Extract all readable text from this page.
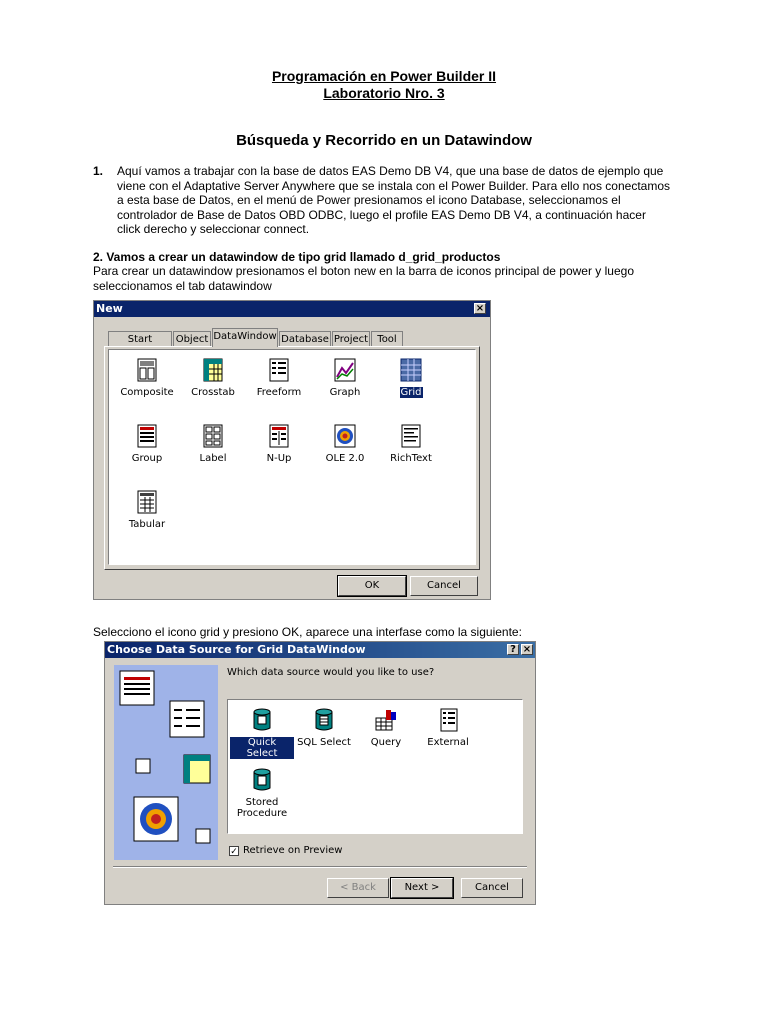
Programación en Power Builder II
Laboratorio Nro. 3
Búsqueda y Recorrido en un Datawindow
1. Aquí vamos a trabajar con la base de datos EAS Demo DB V4, que una base de datos de ejemplo que
viene con el Adaptative Server Anywhere que se instala con el Power Builder. Para ello nos conectamos
a esta base de Datos, en el menú de Power presionamos el icono Database, seleccionamos el
controlador de Base de Datos OBD ODBC, luego el profile EAS Demo DB V4, a continuación hacer
click derecho y seleccionar connect.
2. Vamos a crear un datawindow de tipo grid llamado d_grid_productos
Para crear un datawindow presionamos el boton new en la barra de iconos principal de power y luego
seleccionamos el tab datawindow
New	×
Start	Object DataWindow Database Project Tool
Composite	Crosstab	Freeform	Graph	Grid
Group	Label	N-Up	OLE 2.0	RichText
Tabular
OK	Cancel
Selecciono el icono grid y presiono OK, aparece una interfase como la siguiente:
Choose Data Source for Grid DataWindow	? ×
Which data source would you like to use?
Quick Select
SQL Select	Query	External
Stored Procedure
✓ Retrieve on Preview
< Back	Next >	Cancel
